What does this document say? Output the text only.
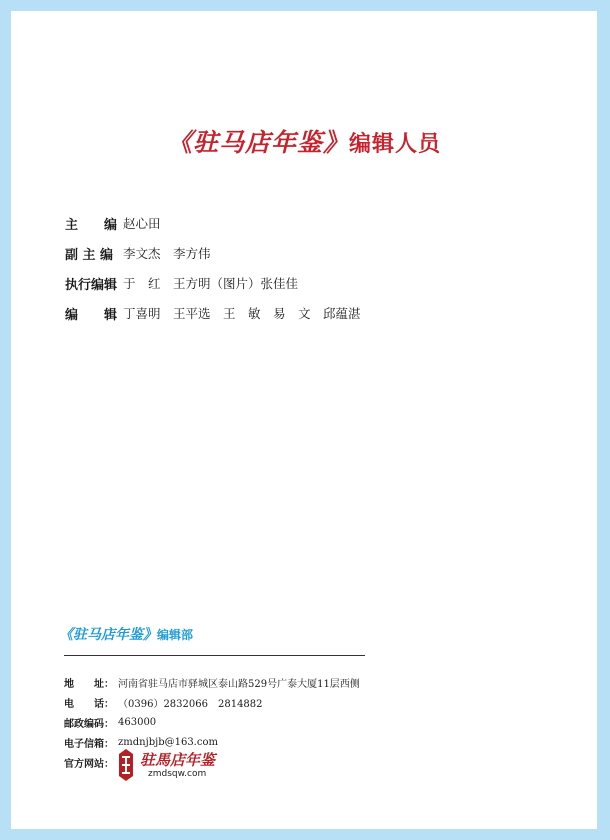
《驻马店年鉴》编辑人员
主　　编 赵心田
副 主 编 李文杰　李方伟
执行编辑 于　红　王方明（图片）张佳佳
编　　辑 丁喜明　王平选　王　敏　易　文　邱蕴湛
《驻马店年鉴》编辑部
地　　址： 河南省驻马店市驿城区泰山路529号广泰大厦11层西侧
电　　话： （0396）2832066　2814882
邮政编码： 463000
电子信箱： zmdnjbjb@163.com
官方网站： 驻馬店年鉴
zmdsqw.com
